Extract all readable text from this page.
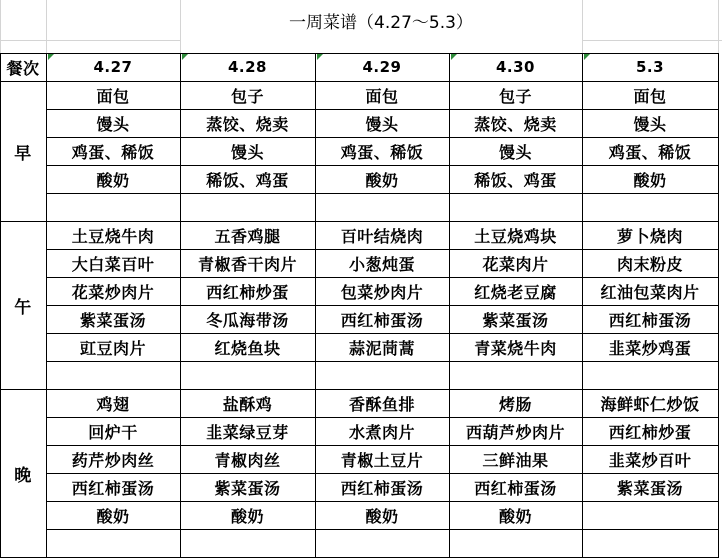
餐次	4.27	4.28	4.29	4.30	5.3
早
面包	包子	面包	包子	面包
馒头	蒸饺、烧卖	馒头	蒸饺、烧卖	馒头
鸡蛋、稀饭	馒头	鸡蛋、稀饭	馒头	鸡蛋、稀饭
酸奶	稀饭、鸡蛋	酸奶	稀饭、鸡蛋	酸奶
午
土豆烧牛肉	五香鸡腿	百叶结烧肉	土豆烧鸡块	萝卜烧肉
大白菜百叶	青椒香干肉片	小葱炖蛋	花菜肉片	肉末粉皮
花菜炒肉片	西红柿炒蛋	包菜炒肉片	红烧老豆腐	红油包菜肉片
紫菜蛋汤	冬瓜海带汤	西红柿蛋汤	紫菜蛋汤	西红柿蛋汤
豇豆肉片	红烧鱼块	蒜泥茼蒿	青菜烧牛肉	韭菜炒鸡蛋
晚
鸡翅	盐酥鸡	香酥鱼排	烤肠	海鲜虾仁炒饭
回炉干	韭菜绿豆芽	水煮肉片	西葫芦炒肉片	西红柿炒蛋
药芹炒肉丝	青椒肉丝	青椒土豆片	三鲜油果	韭菜炒百叶
西红柿蛋汤	紫菜蛋汤	西红柿蛋汤	西红柿蛋汤	紫菜蛋汤
酸奶	酸奶	酸奶	酸奶
一周菜谱（4.27～5.3）
